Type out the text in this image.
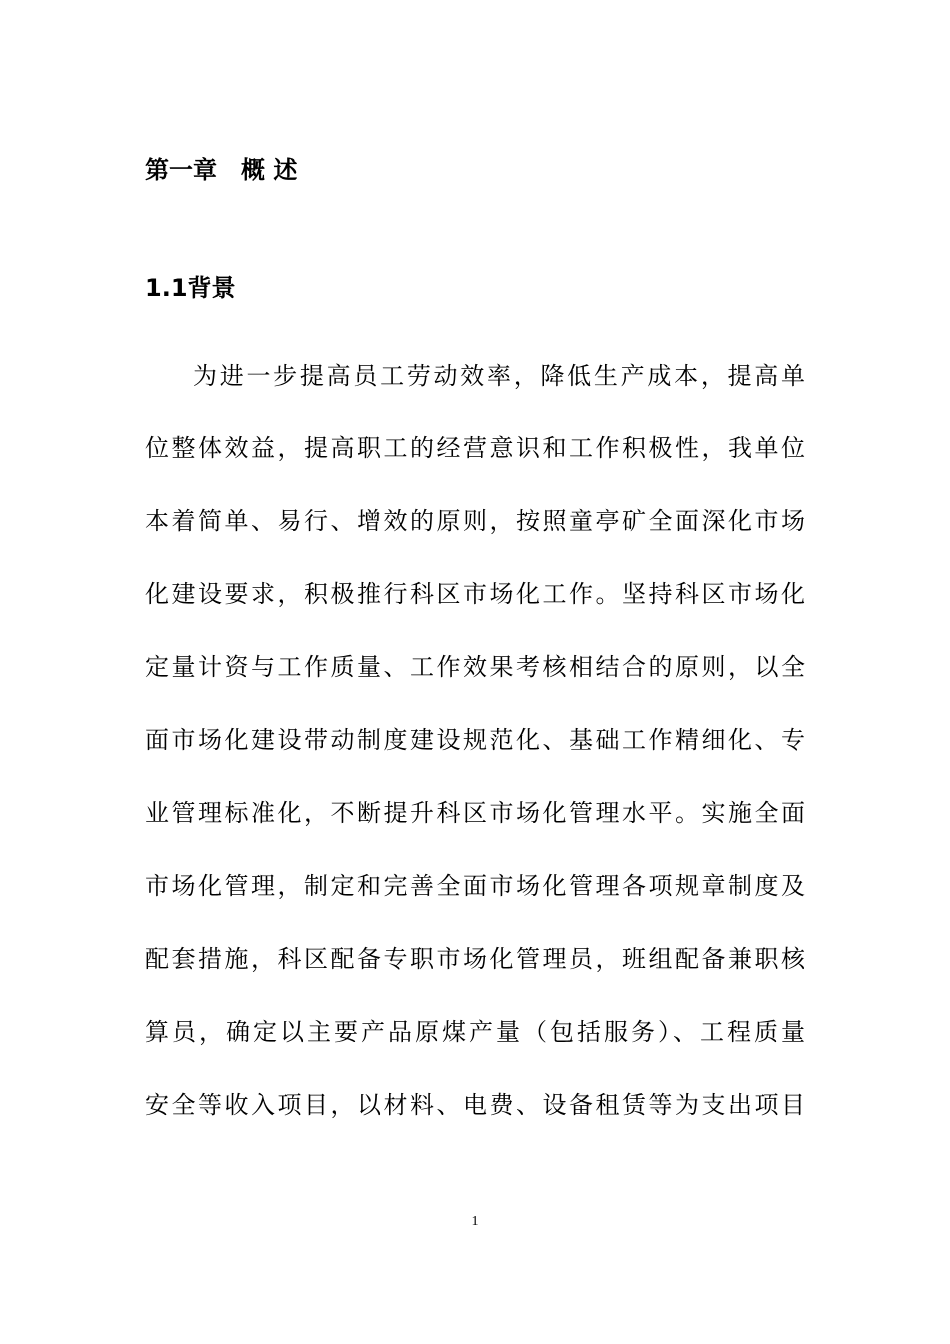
第一章　概 述
1.1背景

为进一步提高员工劳动效率，降低生产成本，提高单

位整体效益，提高职工的经营意识和工作积极性，我单位

本着简单、易行、增效的原则，按照童亭矿全面深化市场

化建设要求，积极推行科区市场化工作。坚持科区市场化

定量计资与工作质量、工作效果考核相结合的原则，以全

面市场化建设带动制度建设规范化、基础工作精细化、专

业管理标准化，不断提升科区市场化管理水平。实施全面

市场化管理，制定和完善全面市场化管理各项规章制度及

配套措施，科区配备专职市场化管理员，班组配备兼职核

算员，确定以主要产品原煤产量（包括服务）、工程质量

安全等收入项目，以材料、电费、设备租赁等为支出项目

1
